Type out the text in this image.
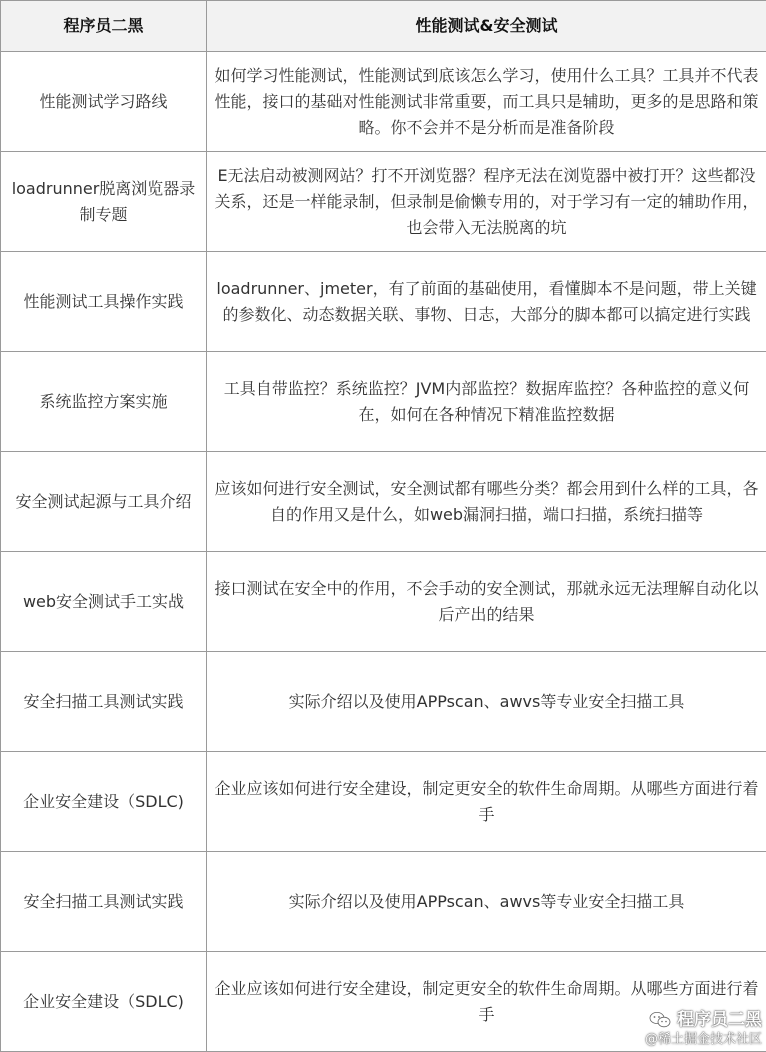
程序员二黑	性能测试&安全测试
性能测试学习路线	如何学习性能测试，性能测试到底该怎么学习，使用什么工具？工具并不代表性能，接口的基础对性能测试非常重要，而工具只是辅助，更多的是思路和策略。你不会并不是分析而是准备阶段
loadrunner脱离浏览器录制专题	E无法启动被测网站？打不开浏览器？程序无法在浏览器中被打开？这些都没关系，还是一样能录制，但录制是偷懒专用的，对于学习有一定的辅助作用，也会带入无法脱离的坑
性能测试工具操作实践	loadrunner、jmeter，有了前面的基础使用，看懂脚本不是问题，带上关键的参数化、动态数据关联、事物、日志，大部分的脚本都可以搞定进行实践
系统监控方案实施	工具自带监控？系统监控？JVM内部监控？数据库监控？各种监控的意义何在，如何在各种情况下精准监控数据
安全测试起源与工具介绍	应该如何进行安全测试，安全测试都有哪些分类？都会用到什么样的工具，各自的作用又是什么，如web漏洞扫描，端口扫描，系统扫描等
web安全测试手工实战	接口测试在安全中的作用，不会手动的安全测试，那就永远无法理解自动化以后产出的结果
安全扫描工具测试实践	实际介绍以及使用APPscan、awvs等专业安全扫描工具
企业安全建设（SDLC)	企业应该如何进行安全建设，制定更安全的软件生命周期。从哪些方面进行着手
安全扫描工具测试实践	实际介绍以及使用APPscan、awvs等专业安全扫描工具
企业安全建设（SDLC)	企业应该如何进行安全建设，制定更安全的软件生命周期。从哪些方面进行着手	程序员二黑
@稀土掘金技术社区
